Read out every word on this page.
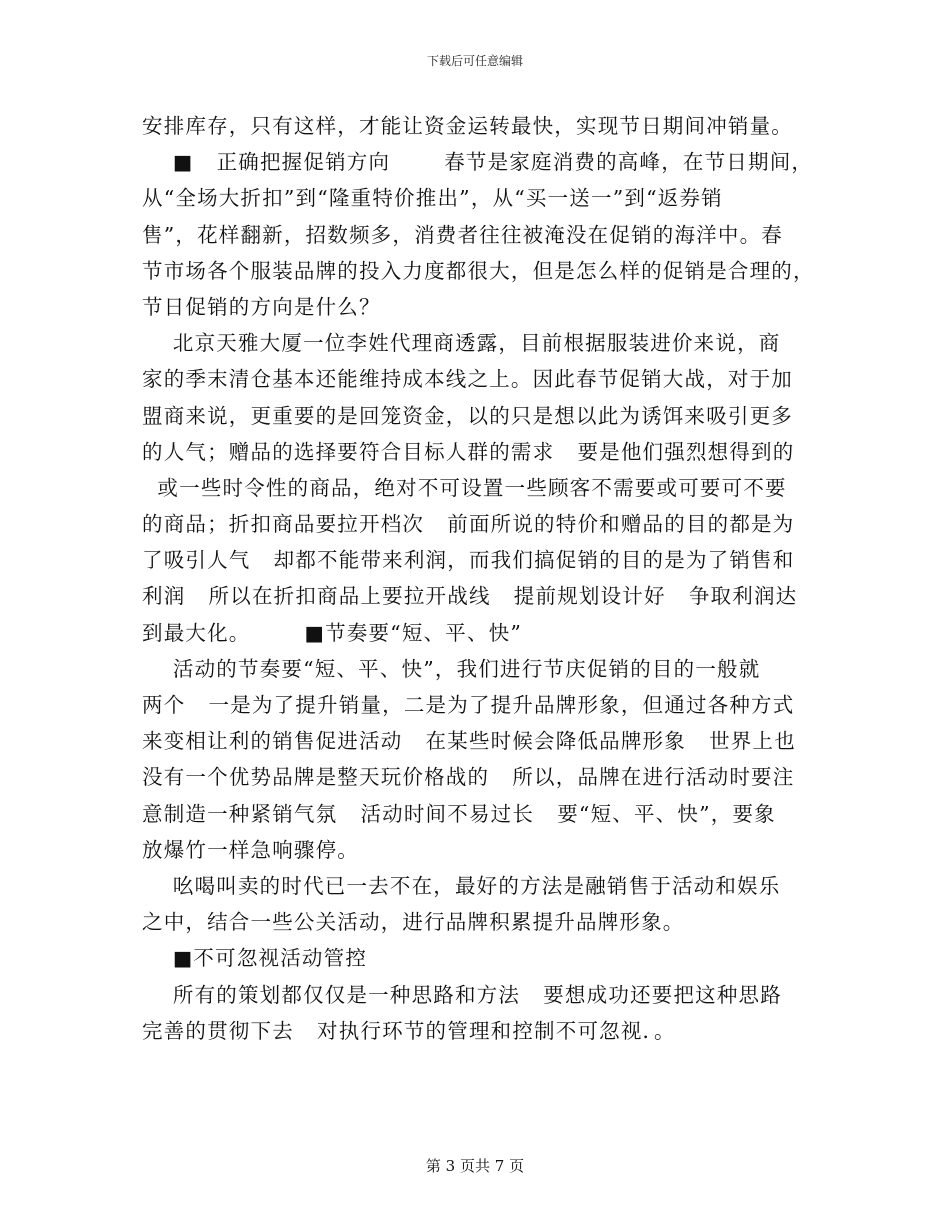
下载后可任意编辑
安排库存，只有这样，才能让资金运转最快，实现节日期间冲销量。
■   正确把握促销方向       春节是家庭消费的高峰，在节日期间，
从“全场大折扣”到“隆重特价推出”，从“买一送一”到“返券销
售”，花样翻新，招数频多，消费者往往被淹没在促销的海洋中。春
节市场各个服装品牌的投入力度都很大，但是怎么样的促销是合理的，
节日促销的方向是什么？
北京天雅大厦一位李姓代理商透露，目前根据服装进价来说，商
家的季末清仓基本还能维持成本线之上。因此春节促销大战，对于加
盟商来说，更重要的是回笼资金，以的只是想以此为诱饵来吸引更多
的人气；赠品的选择要符合目标人群的需求   要是他们强烈想得到的
或一些时令性的商品，绝对不可设置一些顾客不需要或可要可不要
的商品；折扣商品要拉开档次   前面所说的特价和赠品的目的都是为
了吸引人气   却都不能带来利润，而我们搞促销的目的是为了销售和
利润   所以在折扣商品上要拉开战线   提前规划设计好   争取利润达
到最大化。       ■节奏要“短、平、快”
活动的节奏要“短、平、快”，我们进行节庆促销的目的一般就
两个   一是为了提升销量，二是为了提升品牌形象，但通过各种方式
来变相让利的销售促进活动   在某些时候会降低品牌形象   世界上也
没有一个优势品牌是整天玩价格战的   所以，品牌在进行活动时要注
意制造一种紧销气氛   活动时间不易过长   要“短、平、快”，要象
放爆竹一样急响骤停。
吆喝叫卖的时代已一去不在，最好的方法是融销售于活动和娱乐
之中，结合一些公关活动，进行品牌积累提升品牌形象。
■不可忽视活动管控
所有的策划都仅仅是一种思路和方法   要想成功还要把这种思路
完善的贯彻下去   对执行环节的管理和控制不可忽视．。
第 3 页共 7 页
